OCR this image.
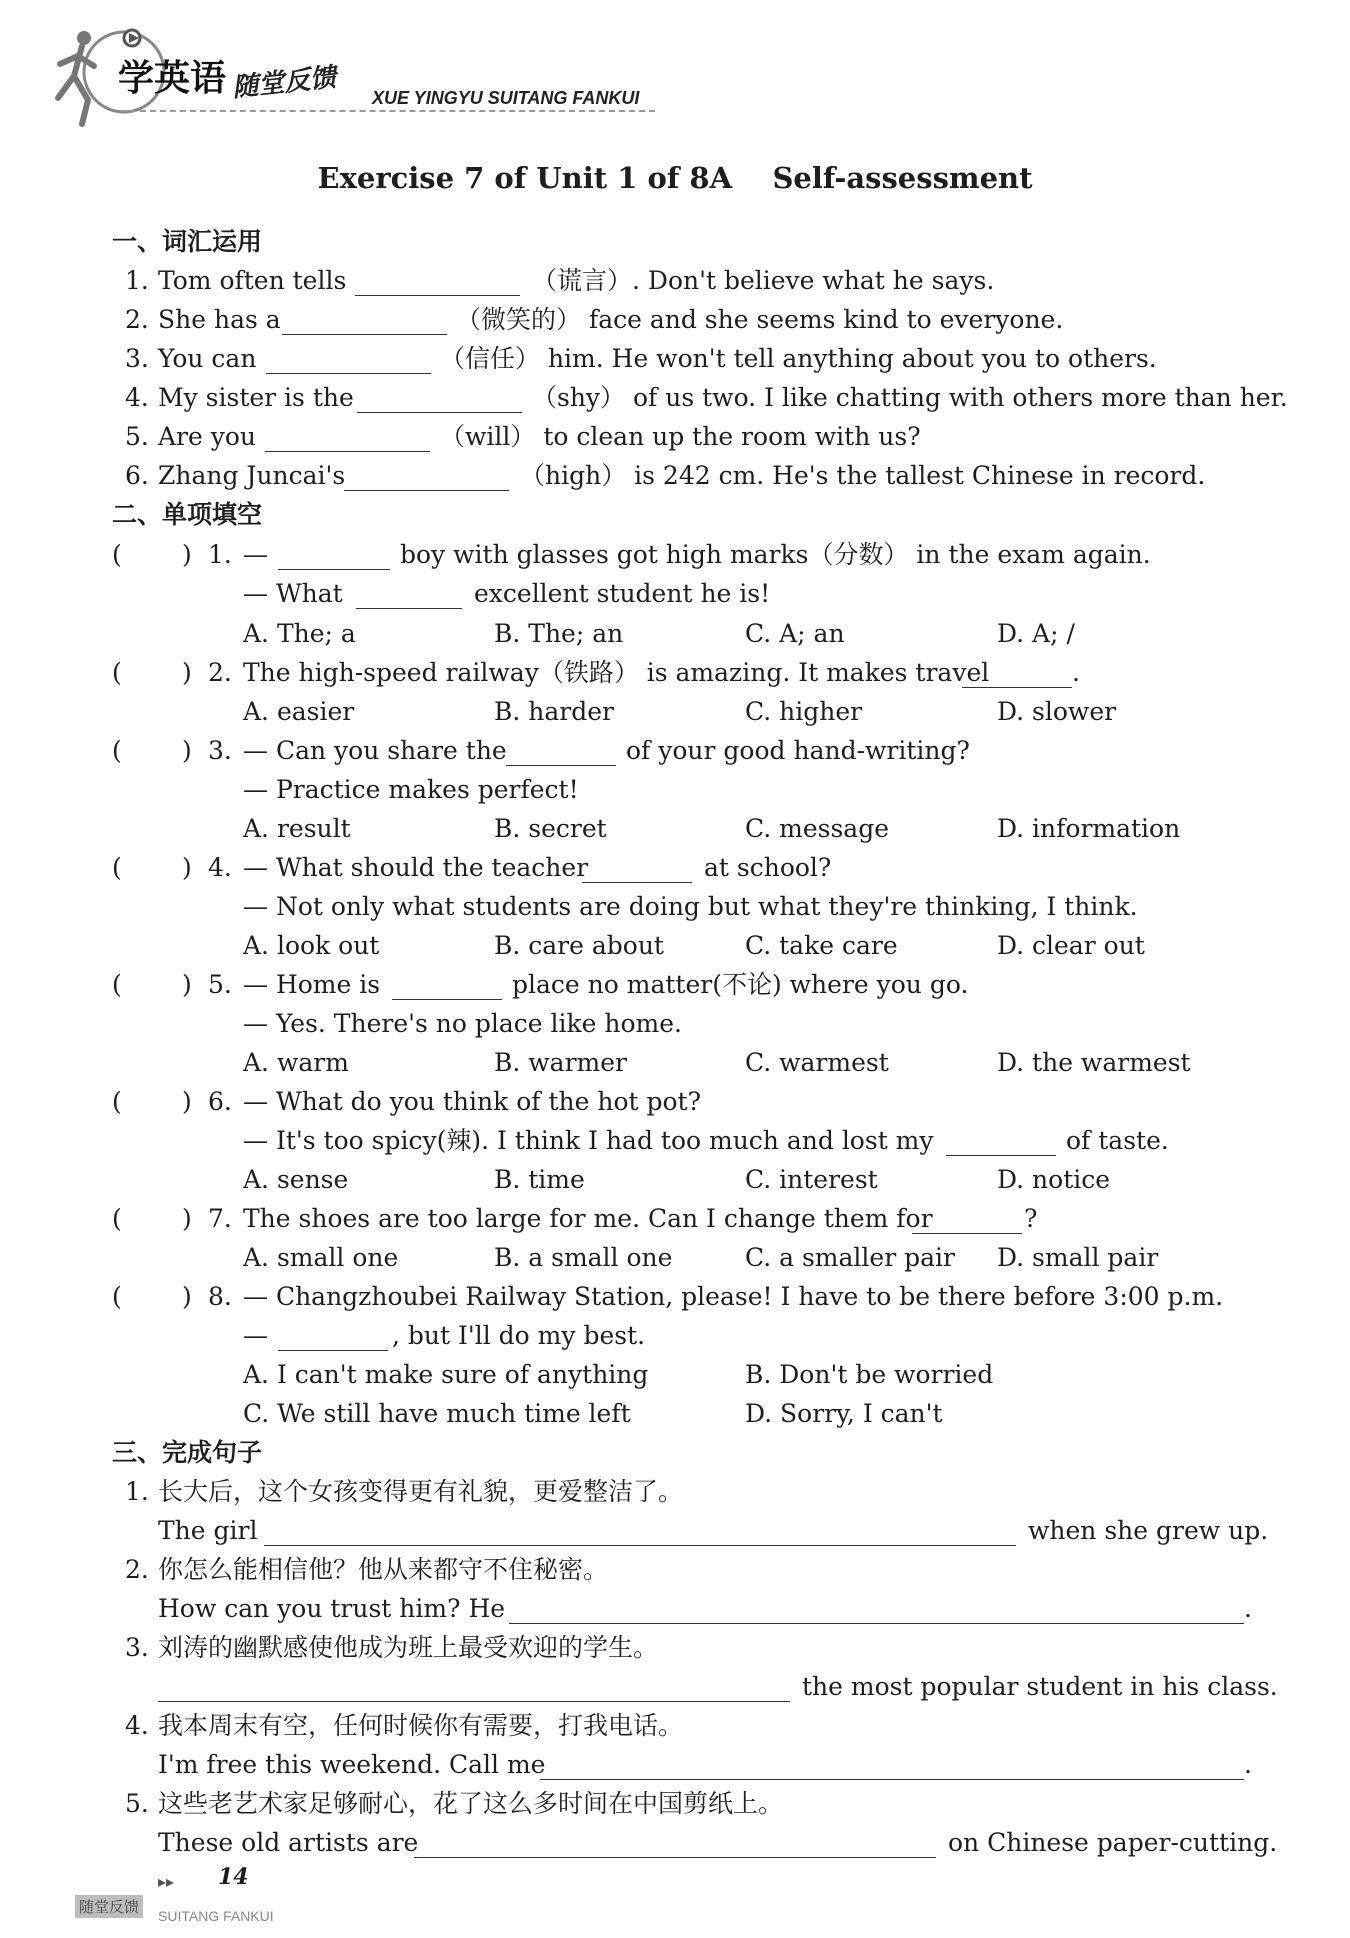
学英语 随堂反馈 XUE YINGYU SUITANG FANKUI
Exercise 7 of Unit 1 of 8A    Self-assessment
一、词汇运用
1. Tom often tells	（谎言）. Don't believe what he says.
2. She has a	（微笑的） face and she seems kind to everyone.
3. You can	（信任） him. He won't tell anything about you to others.
4. My sister is the	（shy） of us two. I like chatting with others more than her.
5. Are you	（will） to clean up the room with us?
6. Zhang Juncai's	（high） is 242 cm. He's the tallest Chinese in record.
二、单项填空
( ) 1. —	boy with glasses got high marks（分数） in the exam again.
— What	excellent student he is!
A. The; a	B. The; an	C. A; an	D. A; /
( ) 2. The high-speed railway（铁路） is amazing. It makes travel	.
A. easier	B. harder	C. higher	D. slower
( ) 3. — Can you share the	of your good hand-writing?
— Practice makes perfect!
A. result	B. secret	C. message	D. information
( ) 4. — What should the teacher	at school?
— Not only what students are doing but what they're thinking, I think.
A. look out	B. care about	C. take care	D. clear out
( ) 5. — Home is	place no matter(不论) where you go.
— Yes. There's no place like home.
A. warm	B. warmer	C. warmest	D. the warmest
( ) 6. — What do you think of the hot pot?
— It's too spicy(辣). I think I had too much and lost my	of taste.
A. sense	B. time	C. interest	D. notice
( ) 7. The shoes are too large for me. Can I change them for	?
A. small one	B. a small one	C. a smaller pair D. small pair
( ) 8. — Changzhoubei Railway Station, please! I have to be there before 3:00 p.m.
—	, but I'll do my best.
A. I can't make sure of anything	B. Don't be worried
C. We still have much time left	D. Sorry, I can't
三、完成句子
1. 长大后，这个女孩变得更有礼貌，更爱整洁了。
The girl	when she grew up.
2. 你怎么能相信他？他从来都守不住秘密。
How can you trust him? He	.
3. 刘涛的幽默感使他成为班上最受欢迎的学生。
the most popular student in his class.
4. 我本周末有空，任何时候你有需要，打我电话。
I'm free this weekend. Call me	.
5. 这些老艺术家足够耐心，花了这么多时间在中国剪纸上。
These old artists are	on Chinese paper-cutting.
▸▸ 14
随堂反馈 SUITANG FANKUI
